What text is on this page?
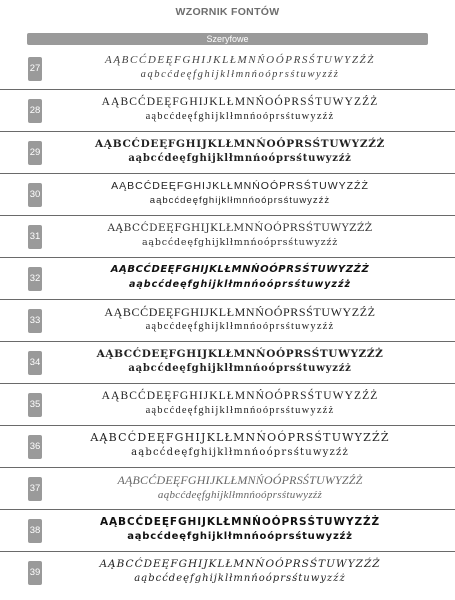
WZORNIK FONTÓW
Szeryfowe
27
AĄBCĆDEĘFGHIJKLŁMNŃOÓPRSŚTUWYZŹŻ
aąbcćdeęfghijklłmnńoóprsśtuwyzźż
28
AĄBCĆDEĘFGHIJKLŁMNŃOÓPRSŚTUWYZŹŻ
aąbcćdeęfghijklłmnńoóprsśtuwyzźż
29
AĄBCĆDEĘFGHIJKLŁMNŃOÓPRSŚTUWYZŹŻ
aąbcćdeęfghijklłmnńoóprsśtuwyzźż
30
AĄBCĆDEĘFGHIJKLŁMNŃOÓPRSŚTUWYZŹŻ
aąbcćdeęfghijklłmnńoóprsśtuwyzźż
31
AĄBCĆDEĘFGHIJKLŁMNŃOÓPRSŚTUWYZŹŻ
aąbcćdeęfghijklłmnńoóprsśtuwyzźż
32
AĄBCĆDEĘFGHIJKLŁMNŃOÓPRSŚTUWYZŹŻ
aąbcćdeęfghijklłmnńoóprsśtuwyzźż
33
AĄBCĆDEĘFGHIJKLŁMNŃOÓPRSŚTUWYZŹŻ
aąbcćdeęfghijklłmnńoóprsśtuwyzźż
34
AĄBCĆDEĘFGHIJKLŁMNŃOÓPRSŚTUWYZŹŻ
aąbcćdeęfghijklłmnńoóprsśtuwyzźż
35
AĄBCĆDEĘFGHIJKLŁMNŃOÓPRSŚTUWYZŹŻ
aąbcćdeęfghijklłmnńoóprsśtuwyzźż
36
AĄBCĆDEĘFGHIJKLŁMNŃOÓPRSŚTUWYZŹŻ
aąbcćdeęfghijklłmnńoóprsśtuwyzźż
37
AĄBCĆDEĘFGHIJKLŁMNŃOÓPRSŚTUWYZŹŻ
aąbcćdeęfghijklłmnńoóprsśtuwyzźż
38
AĄBCĆDEĘFGHIJKLŁMNŃOÓPRSŚTUWYZŹŻ
aąbcćdeęfghijklłmnńoóprsśtuwyzźż
39
AĄBCĆDEĘFGHIJKLŁMNŃOÓPRSŚTUWYZŹŻ
aąbcćdeęfghijklłmnńoóprsśtuwyzźż
